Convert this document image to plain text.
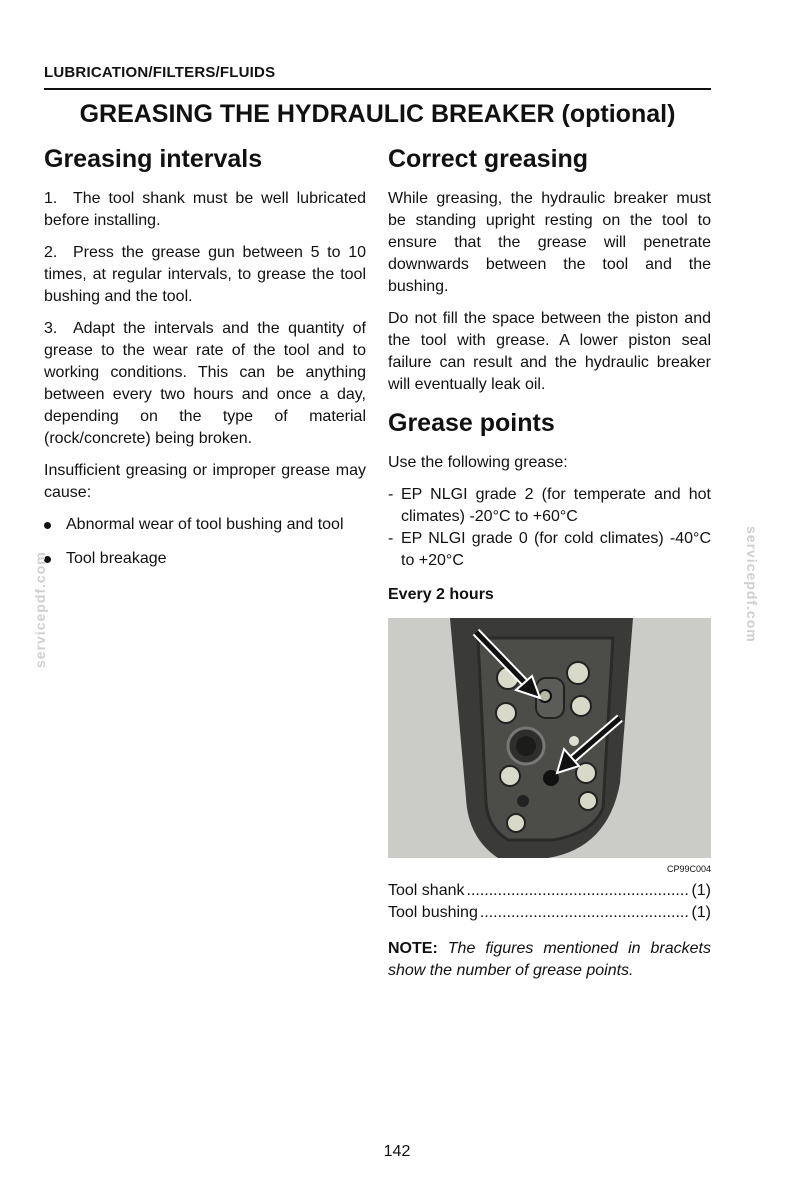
LUBRICATION/FILTERS/FLUIDS
GREASING THE HYDRAULIC BREAKER (optional)
Greasing intervals

1.  The tool shank must be well lubricated before installing.

2.  Press the grease gun between 5 to 10 times, at regular intervals, to grease the tool bushing and the tool.

3.  Adapt the intervals and the quantity of grease to the wear rate of the tool and to working conditions. This can be anything between every two hours and once a day, depending on the type of material (rock/concrete) being broken.

Insufficient greasing or improper grease may cause:

Abnormal wear of tool bushing and tool
Tool breakage
Correct greasing

While greasing, the hydraulic breaker must be standing upright resting on the tool to ensure that the grease will penetrate downwards between the tool and the bushing.

Do not fill the space between the piston and the tool with grease. A lower piston seal failure can result and the hydraulic breaker will eventually leak oil.

Grease points

Use the following grease:

- EP NLGI grade 2 (for temperate and hot climates) -20°C to +60°C
- EP NLGI grade 0 (for cold climates) -40°C to +20°C
Every 2 hours
CP99C004
Tool shank .....	(1)
Tool bushing .....	(1)
NOTE: The figures mentioned in brackets show the number of grease points.
servicepdf.com	servicepdf.com
142
